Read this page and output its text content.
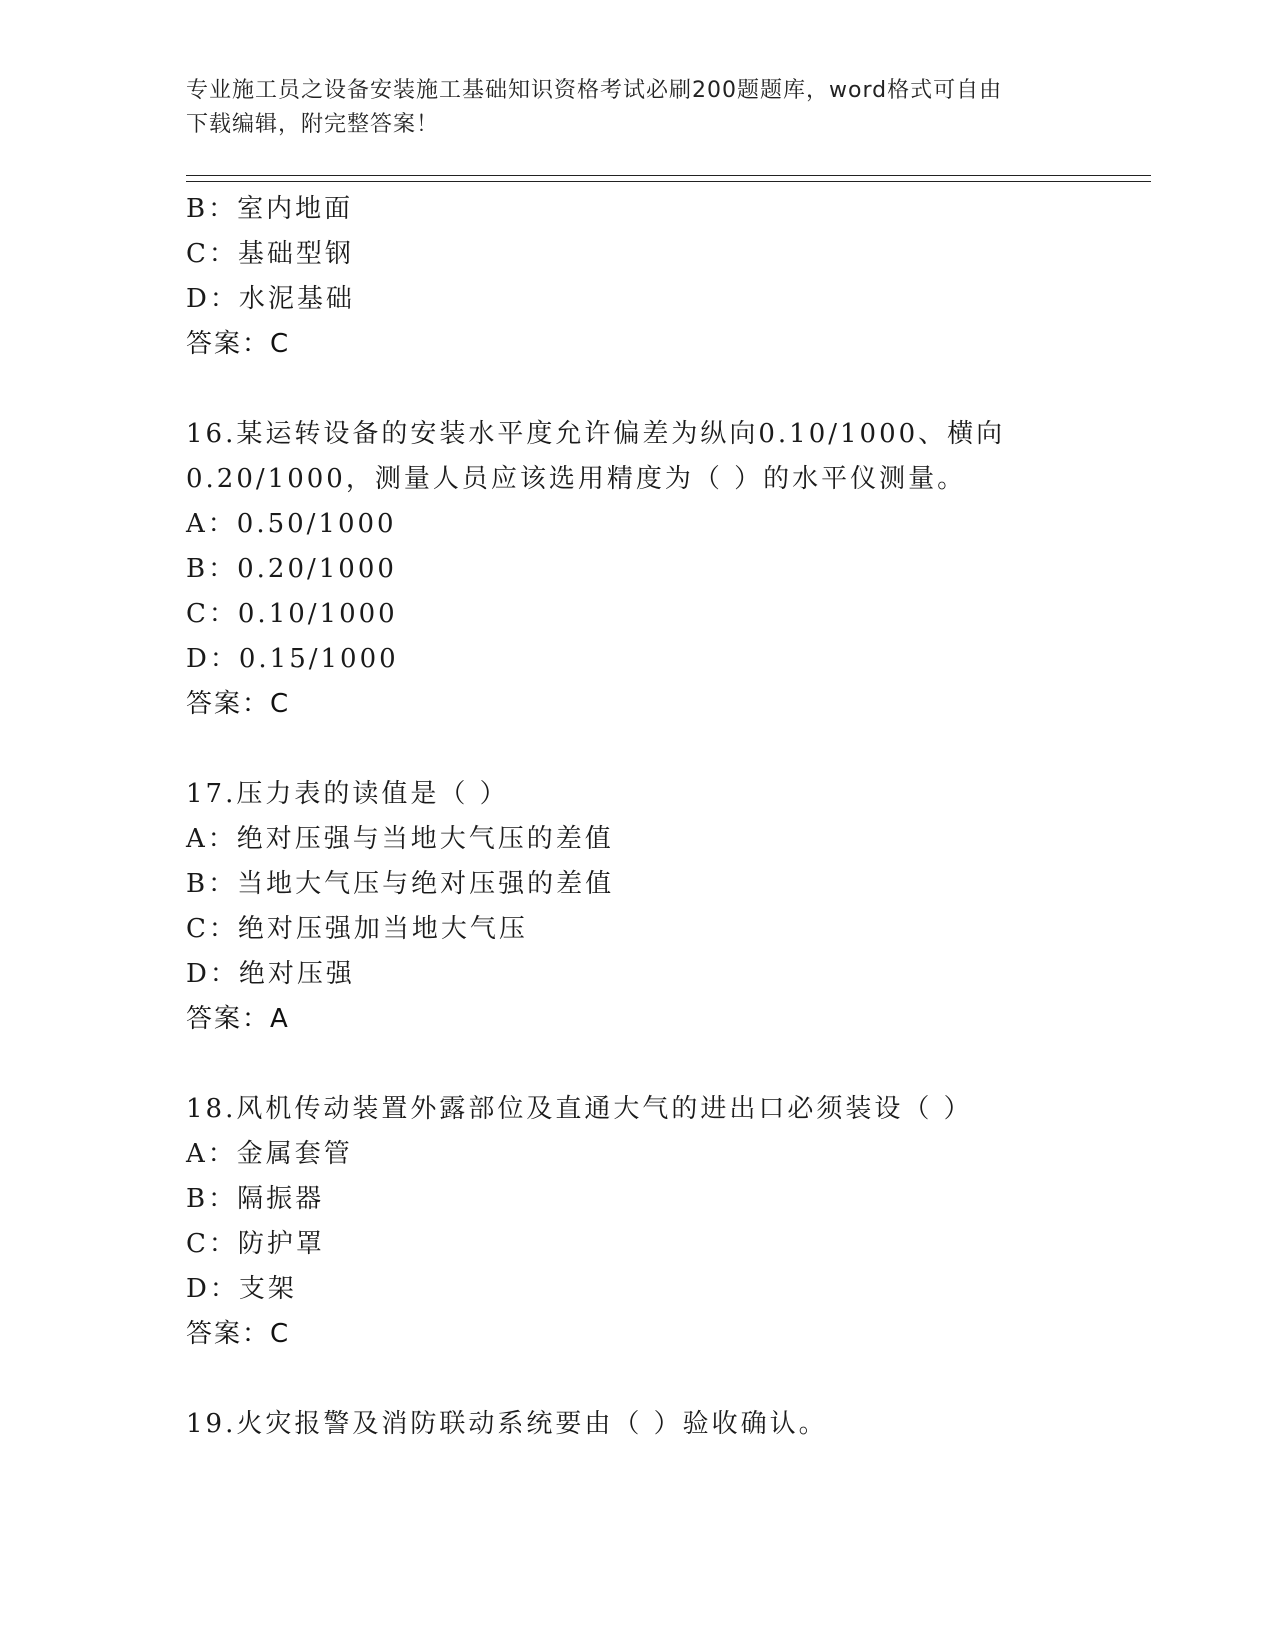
专业施工员之设备安装施工基础知识资格考试必刷200题题库，word格式可自由
下载编辑，附完整答案！
B：室内地面
C：基础型钢
D：水泥基础
答案：C
16.某运转设备的安装水平度允许偏差为纵向0.10/1000、横向
0.20/1000，测量人员应该选用精度为（ ）的水平仪测量。
A：0.50/1000
B：0.20/1000
C：0.10/1000
D：0.15/1000
答案：C
17.压力表的读值是（ ）
A：绝对压强与当地大气压的差值
B：当地大气压与绝对压强的差值
C：绝对压强加当地大气压
D：绝对压强
答案：A
18.风机传动装置外露部位及直通大气的进出口必须装设（ ）
A：金属套管
B：隔振器
C：防护罩
D：支架
答案：C
19.火灾报警及消防联动系统要由（ ）验收确认。
